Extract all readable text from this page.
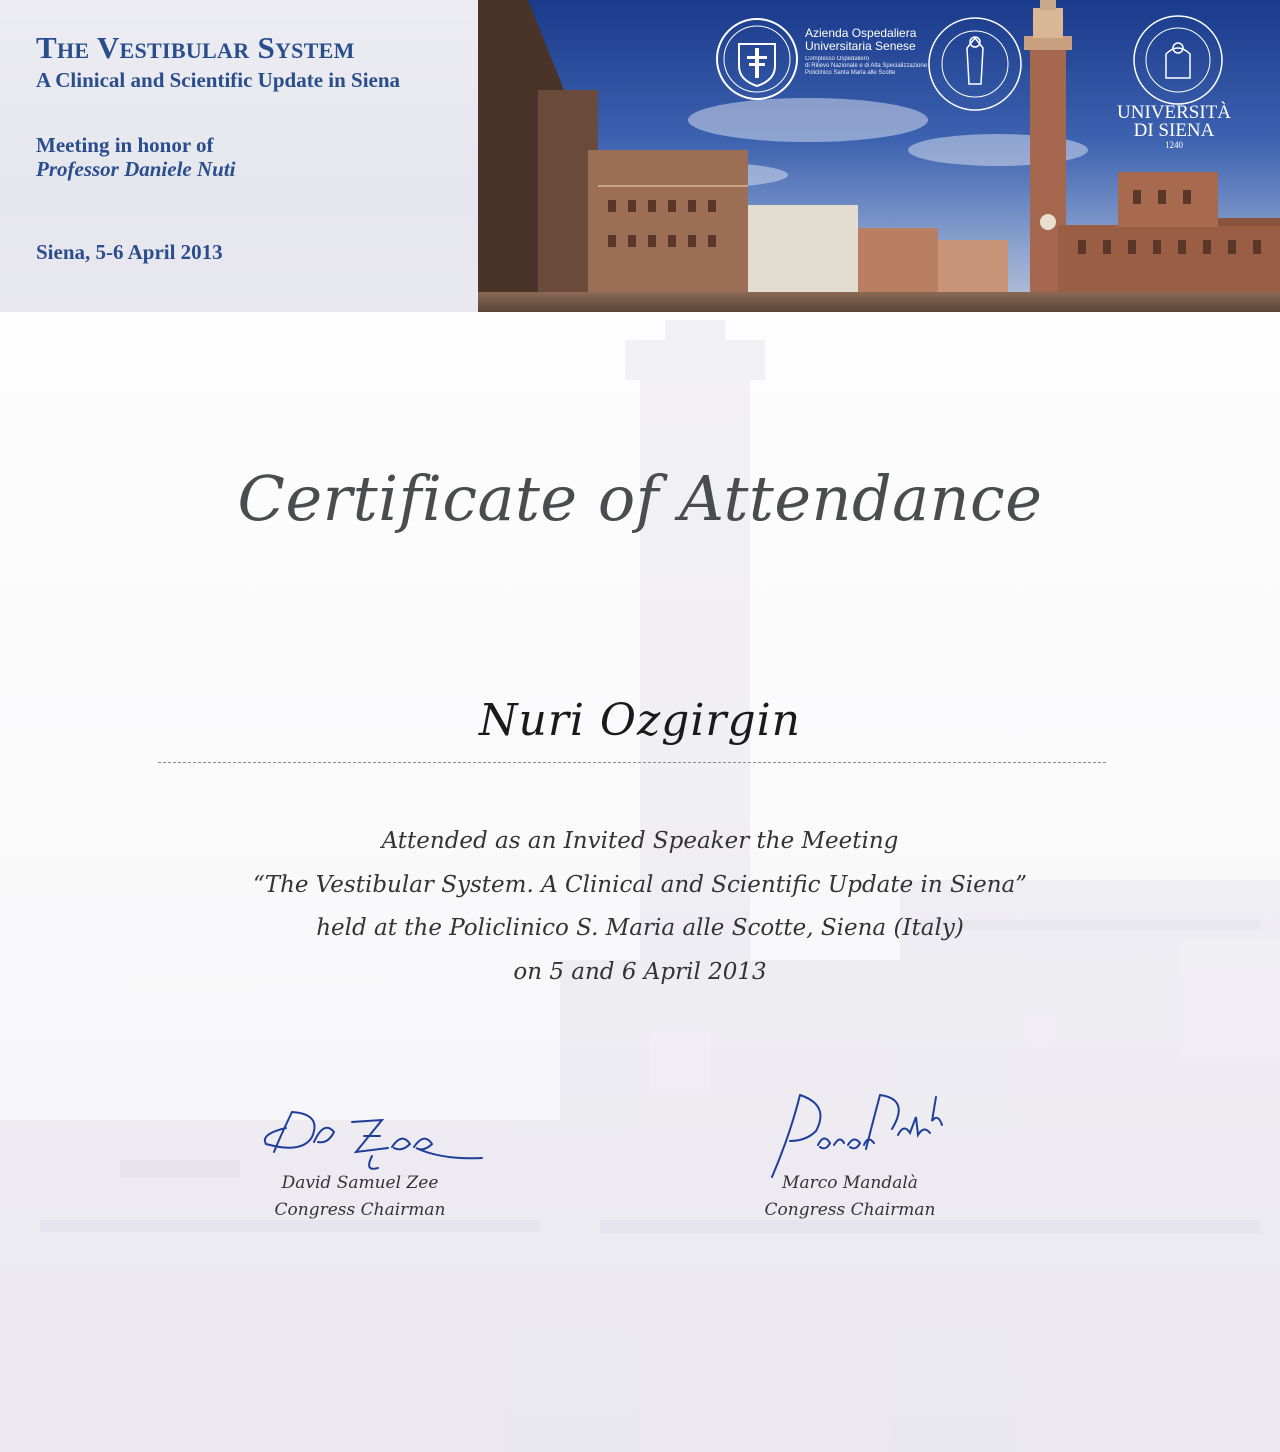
The Vestibular System
A Clinical and Scientific Update in Siena
Meeting in honor of
Professor Daniele Nuti
Siena, 5-6 April 2013
Azienda Ospedaliera
Universitaria Senese
Complesso Ospedaliero
di Rilievo Nazionale e di Alta Specializzazione
Policlinico Santa Maria alle Scotte
UNIVERSITÀ
DI SIENA
1240
Certificate of Attendance
Nuri Ozgirgin
Attended as an Invited Speaker the Meeting
“The Vestibular System. A Clinical and Scientific Update in Siena”
held at the Policlinico S. Maria alle Scotte, Siena (Italy)
on 5 and 6 April 2013
David Samuel Zee
Congress Chairman
Marco Mandalà
Congress Chairman
